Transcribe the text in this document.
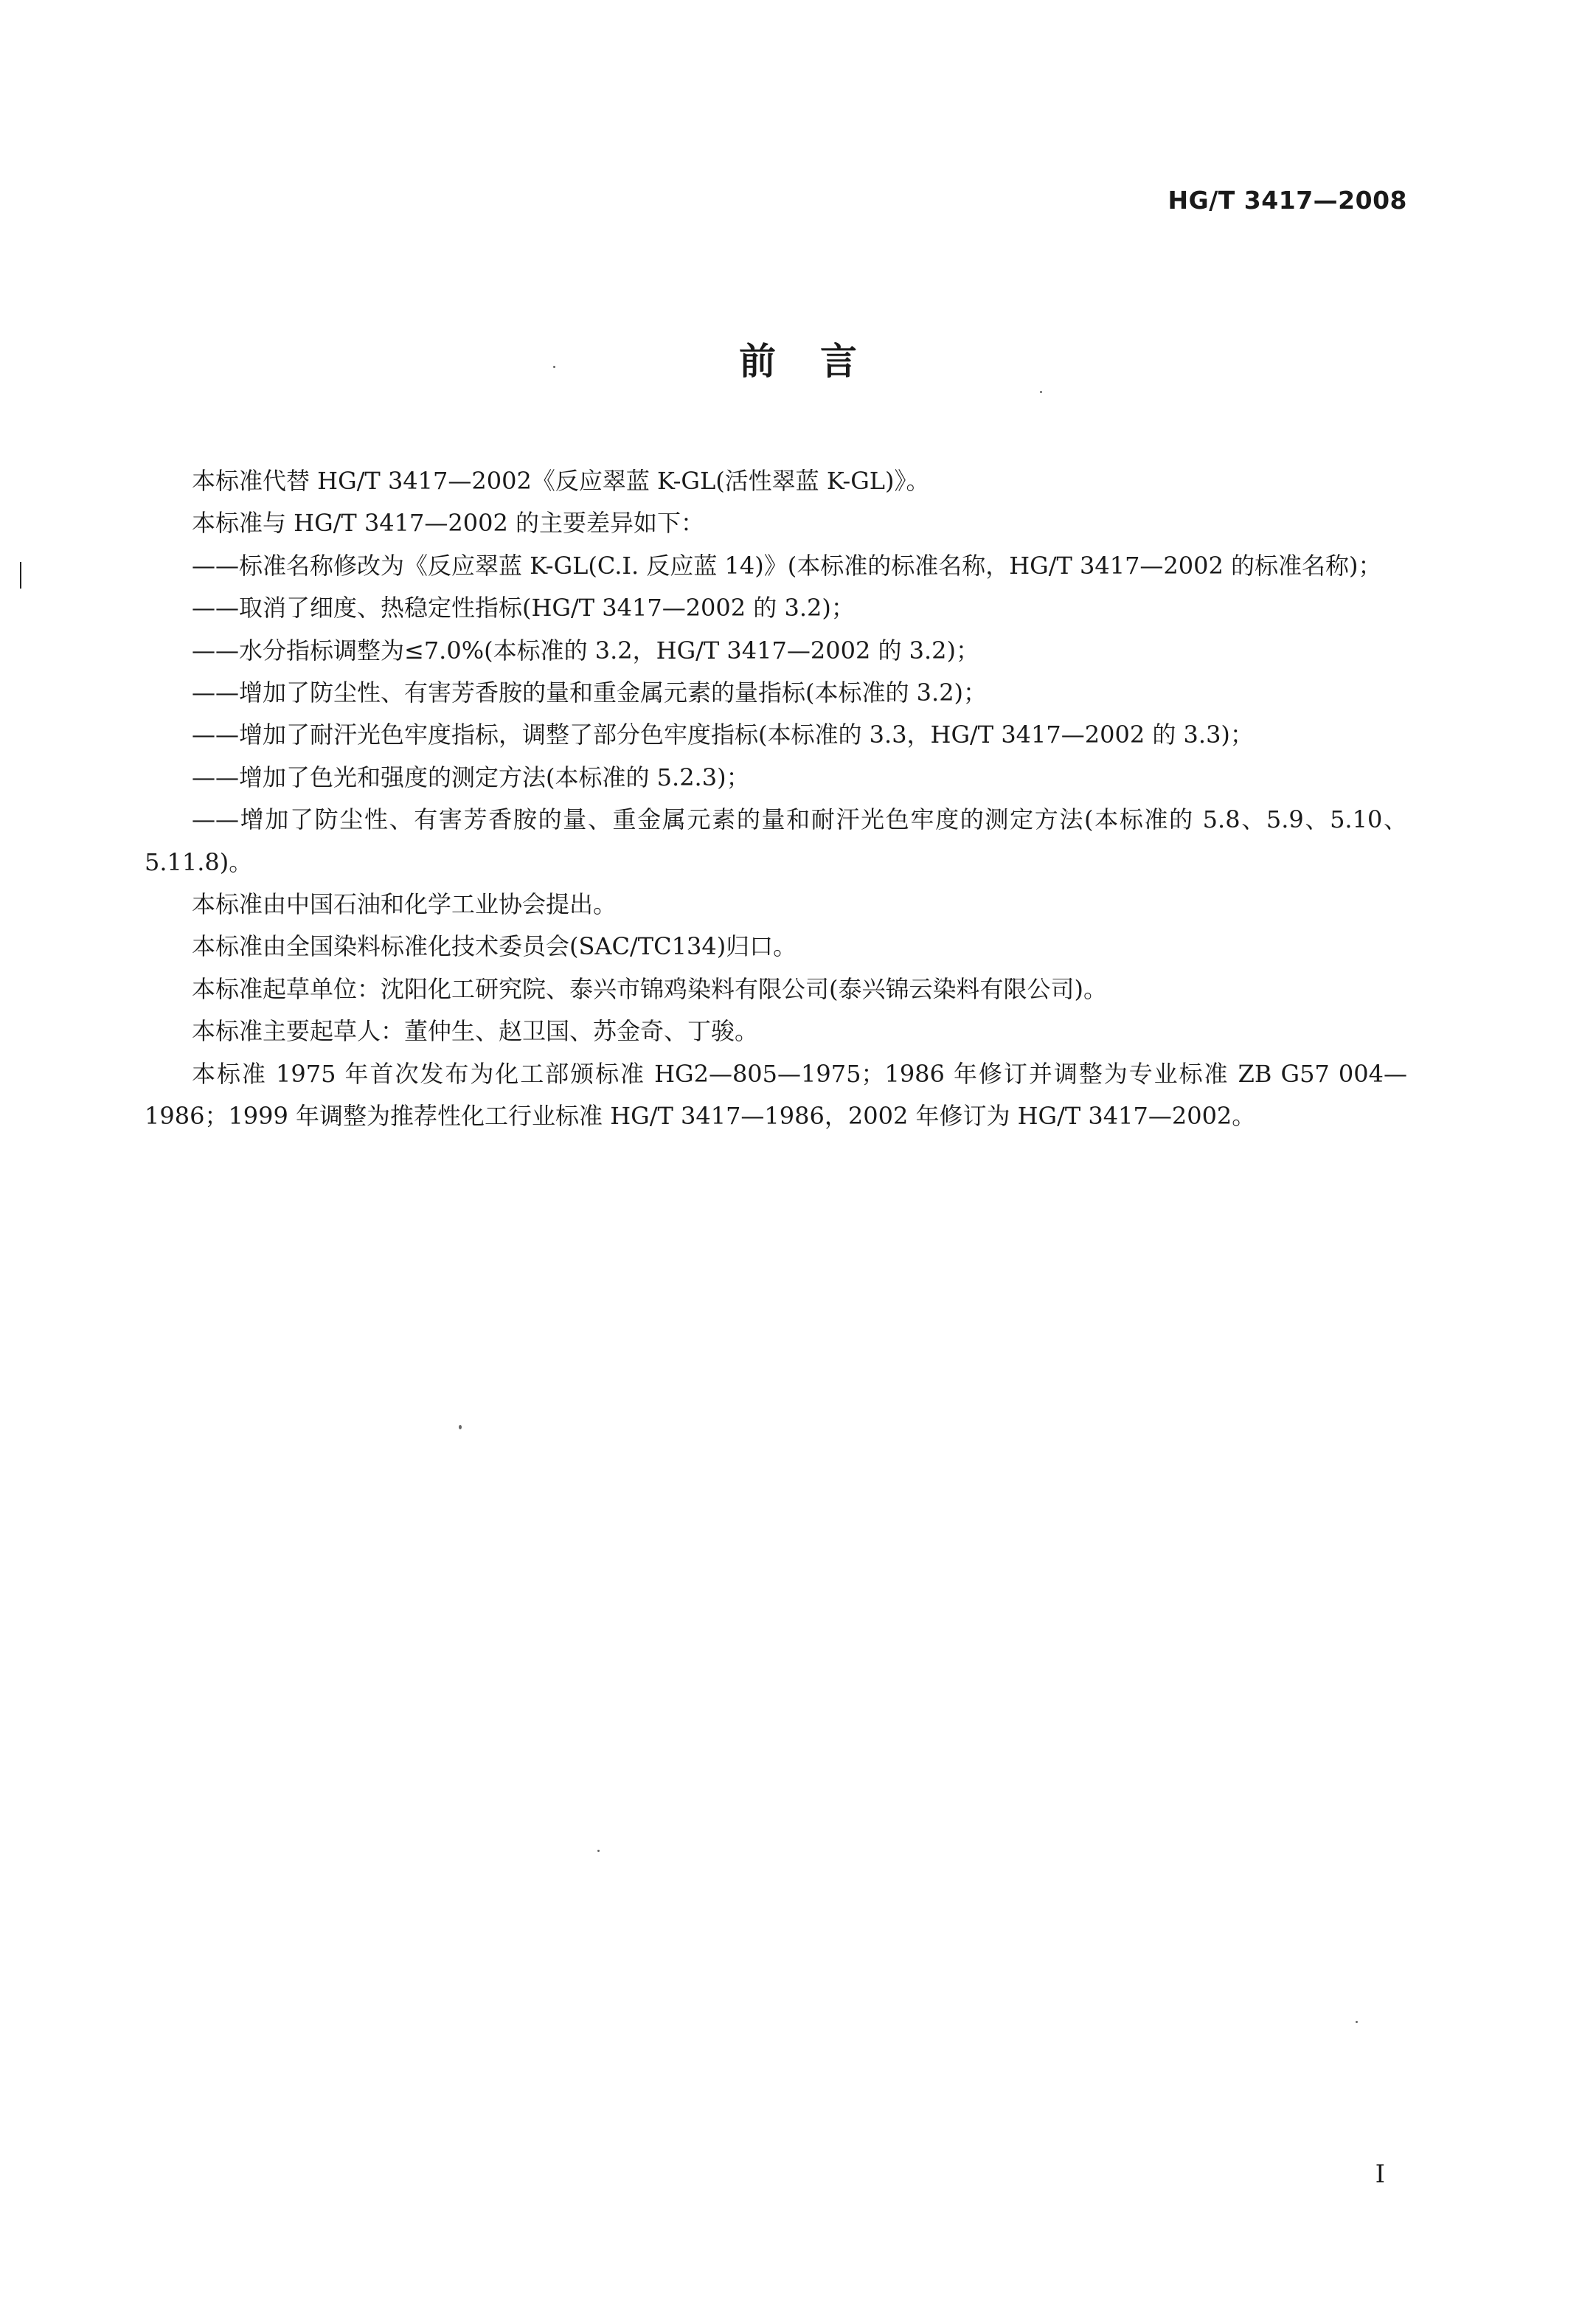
HG/T 3417—2008
前言

本标准代替 HG/T 3417—2002《反应翠蓝 K-GL(活性翠蓝 K-GL)》。

本标准与 HG/T 3417—2002 的主要差异如下：

——标准名称修改为《反应翠蓝 K-GL(C.I. 反应蓝 14)》(本标准的标准名称，HG/T 3417—2002 的标准名称)；

——取消了细度、热稳定性指标(HG/T 3417—2002 的 3.2)；

——水分指标调整为≤7.0%(本标准的 3.2，HG/T 3417—2002 的 3.2)；

——增加了防尘性、有害芳香胺的量和重金属元素的量指标(本标准的 3.2)；

——增加了耐汗光色牢度指标，调整了部分色牢度指标(本标准的 3.3，HG/T 3417—2002 的 3.3)；

——增加了色光和强度的测定方法(本标准的 5.2.3)；

——增加了防尘性、有害芳香胺的量、重金属元素的量和耐汗光色牢度的测定方法(本标准的 5.8、5.9、5.10、5.11.8)。

本标准由中国石油和化学工业协会提出。

本标准由全国染料标准化技术委员会(SAC/TC134)归口。

本标准起草单位：沈阳化工研究院、泰兴市锦鸡染料有限公司(泰兴锦云染料有限公司)。

本标准主要起草人：董仲生、赵卫国、苏金奇、丁骏。

本标准 1975 年首次发布为化工部颁标准 HG2—805—1975；1986 年修订并调整为专业标准 ZB G57 004—1986；1999 年调整为推荐性化工行业标准 HG/T 3417—1986，2002 年修订为 HG/T 3417—2002。

I
